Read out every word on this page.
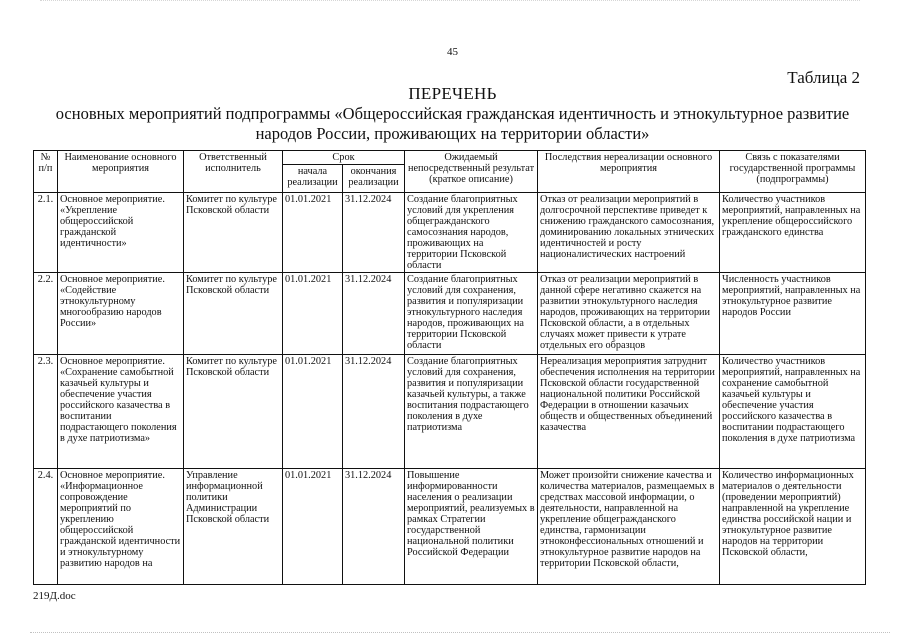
45
Таблица 2
ПЕРЕЧЕНЬ
основных мероприятий подпрограммы «Общероссийская гражданская идентичность и этнокультурное развитие народов России, проживающих на территории области»
№ п/п	Наименование основного мероприятия	Ответственный исполнитель	Срок		Ожидаемый непосредственный результат (краткое описание)	Последствия нереализации основного мероприятия	Связь с показателями государственной программы (подпрограммы)
			начала реализации	окончания реализации			
2.1.	Основное мероприятие. «Укрепление общероссийской гражданской идентичности»	Комитет по культуре Псковской области	01.01.2021	31.12.2024	Создание благоприятных условий для укрепления общегражданского самосознания народов, проживающих на территории Псковской области	Отказ от реализации мероприятий в долгосрочной перспективе приведет к снижению гражданского самосознания, доминированию локальных этнических идентичностей и росту националистических настроений	Количество участников мероприятий, направленных на укрепление общероссийского гражданского единства
2.2.	Основное мероприятие. «Содействие этнокультурному многообразию народов России»	Комитет по культуре Псковской области	01.01.2021	31.12.2024	Создание благоприятных условий для сохранения, развития и популяризации этнокультурного наследия народов, проживающих на территории Псковской области	Отказ от реализации мероприятий в данной сфере негативно скажется на развитии этнокультурного наследия народов, проживающих на территории Псковской области, а в отдельных случаях может привести к утрате отдельных его образцов	Численность участников мероприятий, направленных на этнокультурное развитие народов России
2.3.	Основное мероприятие. «Сохранение самобытной казачьей культуры и обеспечение участия российского казачества в воспитании подрастающего поколения в духе патриотизма»	Комитет по культуре Псковской области	01.01.2021	31.12.2024	Создание благоприятных условий для сохранения, развития и популяризации казачьей культуры, а также воспитания подрастающего поколения в духе патриотизма	Нереализация мероприятия затруднит обеспечения исполнения на территории Псковской области государственной национальной политики Российской Федерации в отношении казачьих обществ и общественных объединений казачества	Количество участников мероприятий, направленных на сохранение самобытной казачьей культуры и обеспечение участия российского казачества в воспитании подрастающего поколения в духе патриотизма
2.4.	Основное мероприятие. «Информационное сопровождение мероприятий по укреплению общероссийской гражданской идентичности и этнокультурному развитию народов на	Управление информационной политики Администрации Псковской области	01.01.2021	31.12.2024	Повышение информированности населения о реализации мероприятий, реализуемых в рамках Стратегии государственной национальной политики Российской Федерации	Может произойти снижение качества и количества материалов, размещаемых в средствах массовой информации, о деятельности, направленной на укрепление общегражданского единства, гармонизации этноконфессиональных отношений и этнокультурное развитие народов на территории Псковской области,	Количество информационных материалов о деятельности (проведении мероприятий) направленной на укрепление единства российской нации и этнокультурное развитие народов на территории Псковской области,
219Д.doc
